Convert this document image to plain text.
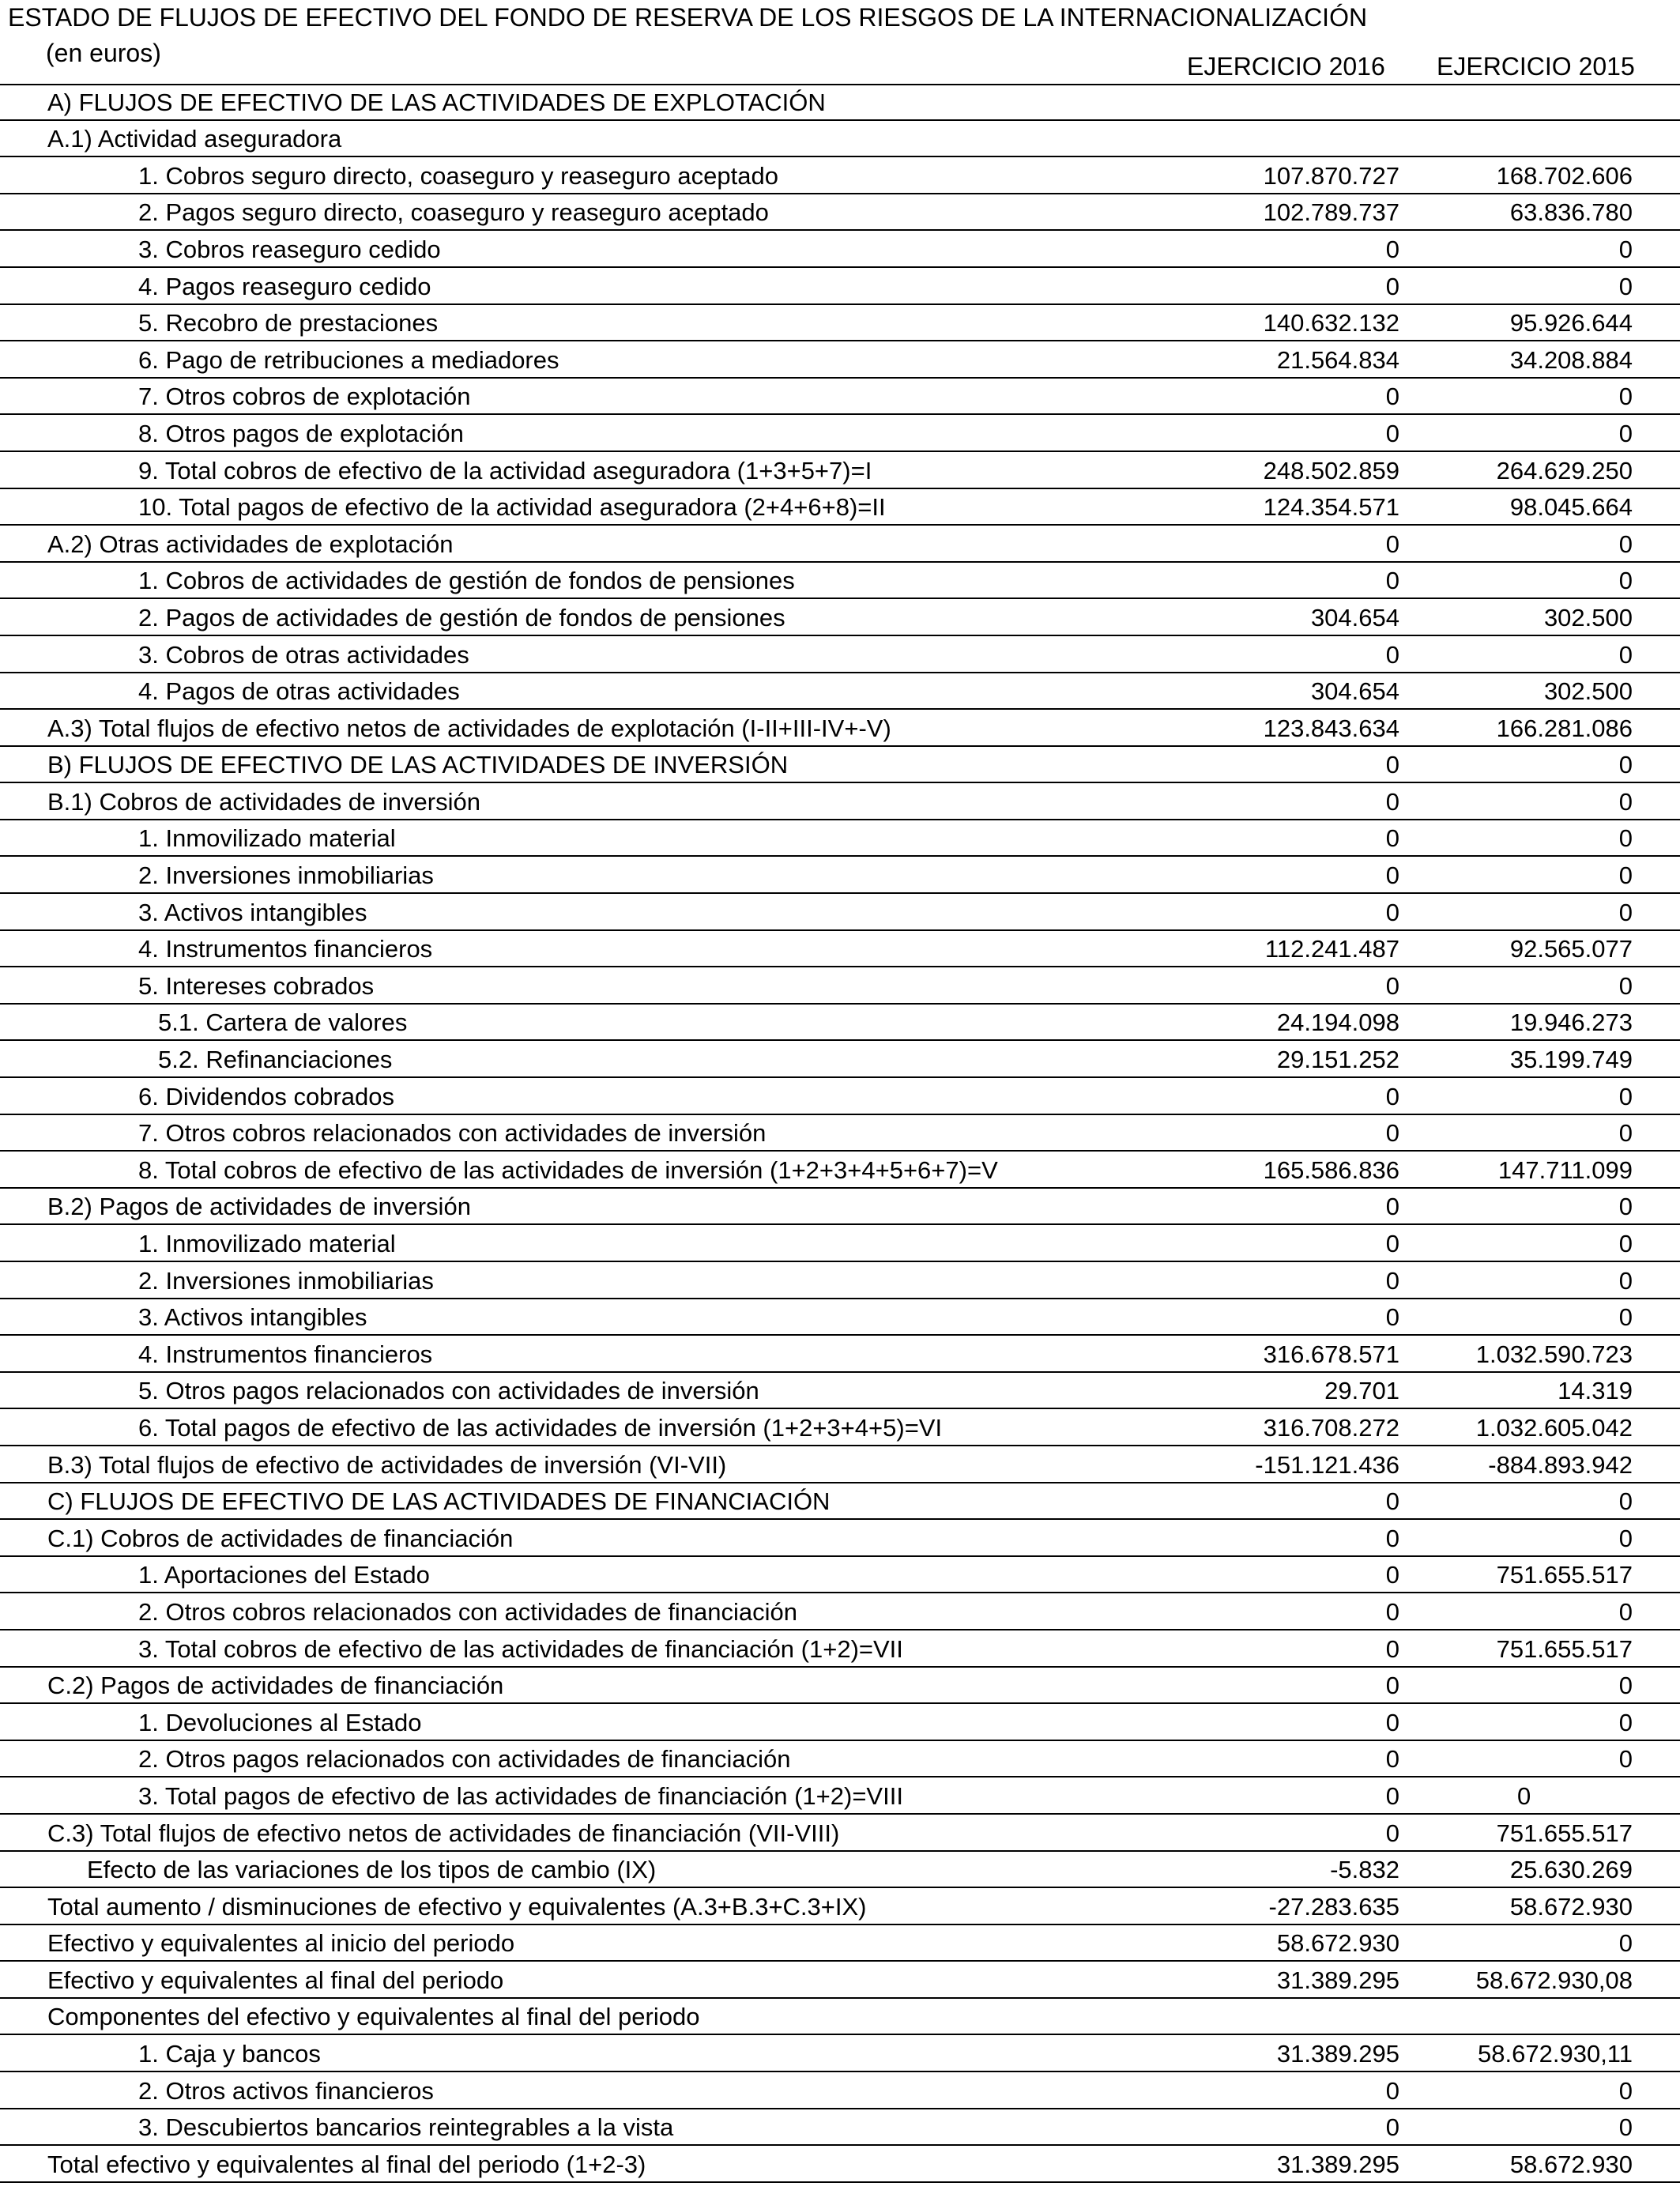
ESTADO DE FLUJOS DE EFECTIVO DEL FONDO DE RESERVA DE LOS RIESGOS DE LA INTERNACIONALIZACIÓN
(en euros)	EJERCICIO 2016 EJERCICIO 2015
A) FLUJOS DE EFECTIVO DE LAS ACTIVIDADES DE EXPLOTACIÓN
A.1) Actividad aseguradora
1. Cobros seguro directo, coaseguro y reaseguro aceptado	107.870.727	168.702.606
2. Pagos seguro directo, coaseguro y reaseguro aceptado	102.789.737	63.836.780
3. Cobros reaseguro cedido	0	0
4. Pagos reaseguro cedido	0	0
5. Recobro de prestaciones	140.632.132	95.926.644
6. Pago de retribuciones a mediadores	21.564.834	34.208.884
7. Otros cobros de explotación	0	0
8. Otros pagos de explotación	0	0
9. Total cobros de efectivo de la actividad aseguradora (1+3+5+7)=I	248.502.859	264.629.250
10. Total pagos de efectivo de la actividad aseguradora (2+4+6+8)=II	124.354.571	98.045.664
A.2) Otras actividades de explotación	0	0
1. Cobros de actividades de gestión de fondos de pensiones	0	0
2. Pagos de actividades de gestión de fondos de pensiones	304.654	302.500
3. Cobros de otras actividades	0	0
4. Pagos de otras actividades	304.654	302.500
A.3) Total flujos de efectivo netos de actividades de explotación (I-II+III-IV+-V)	123.843.634	166.281.086
B) FLUJOS DE EFECTIVO DE LAS ACTIVIDADES DE INVERSIÓN	0	0
B.1) Cobros de actividades de inversión	0	0
1. Inmovilizado material	0	0
2. Inversiones inmobiliarias	0	0
3. Activos intangibles	0	0
4. Instrumentos financieros	112.241.487	92.565.077
5. Intereses cobrados	0	0
5.1. Cartera de valores	24.194.098	19.946.273
5.2. Refinanciaciones	29.151.252	35.199.749
6. Dividendos cobrados	0	0
7. Otros cobros relacionados con actividades de inversión	0	0
8. Total cobros de efectivo de las actividades de inversión (1+2+3+4+5+6+7)=V	165.586.836	147.711.099
B.2) Pagos de actividades de inversión	0	0
1. Inmovilizado material	0	0
2. Inversiones inmobiliarias	0	0
3. Activos intangibles	0	0
4. Instrumentos financieros	316.678.571	1.032.590.723
5. Otros pagos relacionados con actividades de inversión	29.701	14.319
6. Total pagos de efectivo de las actividades de inversión (1+2+3+4+5)=VI	316.708.272	1.032.605.042
B.3) Total flujos de efectivo de actividades de inversión (VI-VII)	-151.121.436	-884.893.942
C) FLUJOS DE EFECTIVO DE LAS ACTIVIDADES DE FINANCIACIÓN	0	0
C.1) Cobros de actividades de financiación	0	0
1. Aportaciones del Estado	0	751.655.517
2. Otros cobros relacionados con actividades de financiación	0	0
3. Total cobros de efectivo de las actividades de financiación (1+2)=VII	0	751.655.517
C.2) Pagos de actividades de financiación	0	0
1. Devoluciones al Estado	0	0
2. Otros pagos relacionados con actividades de financiación	0	0
3. Total pagos de efectivo de las actividades de financiación (1+2)=VIII	0	0
C.3) Total flujos de efectivo netos de actividades de financiación (VII-VIII)	0	751.655.517
Efecto de las variaciones de los tipos de cambio (IX)	-5.832	25.630.269
Total aumento / disminuciones de efectivo y equivalentes (A.3+B.3+C.3+IX)	-27.283.635	58.672.930
Efectivo y equivalentes al inicio del periodo	58.672.930	0
Efectivo y equivalentes al final del periodo	31.389.295	58.672.930,08
Componentes del efectivo y equivalentes al final del periodo
1. Caja y bancos	31.389.295	58.672.930,11
2. Otros activos financieros	0	0
3. Descubiertos bancarios reintegrables a la vista	0	0
Total efectivo y equivalentes al final del periodo (1+2-3)	31.389.295	58.672.930
